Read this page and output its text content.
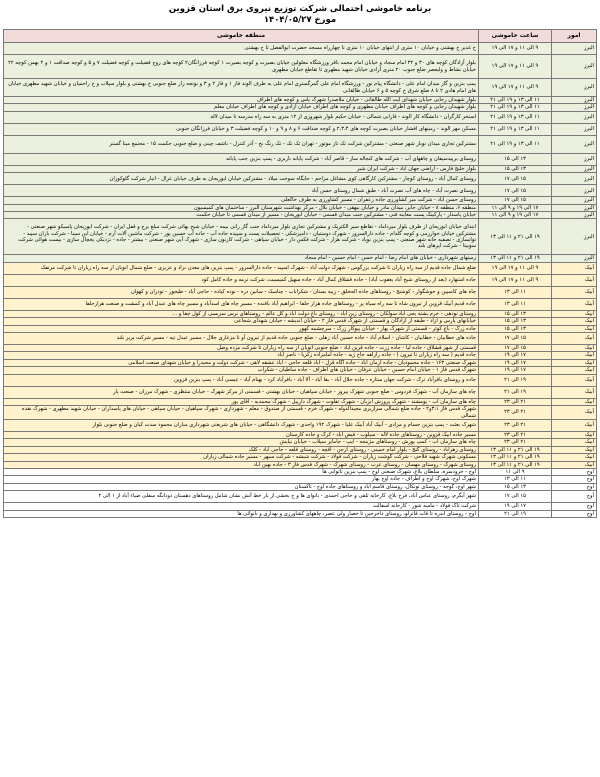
برنامه خاموشی احتمالی شرکت توزیع نیروی برق استان قزوین
مورخ ۱۴۰۴/۰۵/۲۷
امور	ساعت خاموشی	منطقه خاموشی
البرز	۹ الی ۱۱ و ۱۷ الی ۱۹	خ غدیر خ بهشتی و خیابان ۱۰ متری از انتهای خیابان ۱۰ متری تا چهارراه مسجد حضرت ابوالفضل تا خ بهشتی
البرز	۹ الی ۱۱ و ۱۷ الی ۱۹	بلوار آزادگان کوچه های ۳۰ و ۳۲ امام سجاد و خیابان امام محمد باقر ورزشگاه معلولین خیابان بصیرت و کوچه بصیرت ۱ کوچه فرزانگان۲ کوچه های زوج فضیلت و کوچه فضیلت ۷ و ۵ و کوچه صداقت ۱ و ۲ بهمن کوچه ۲۲ خیابان نشاط و ولیعصر ضلع جنوب ۲۰ متری آزادی خیابان شهید مطهری تا تقاطع خیابان مطهری
البرز	۹ الی ۱۱ و ۱۷ الی ۱۹	پمپ بنزین و گاز میدان امام علی - دانشگاه پیام نور - ورزشگاه امام علی گمرگستری امام علی به طرف الوند فاز ۱ و فاز ۲ و ۳ و بوتجه زار ضلع جنوبی خ بهشتی و بلوار سپلاب و خ راحمیان و خیابان شهید مطهری خیابان های امام هادی ۲ تا ۸ ضلع شرق خ کوچه ۵ و ۶ خیابان طالقانی
البرز	۱۱ الی ۱۳ و ۱۹ الی ۲۱	بلوار شهیدان رجایی خیابان شهدای آیت الله طالقانی - خیابان ملاصدرا شهرک یاس و کوچه های اطراف
البرز	۱۱ الی ۱۳ و ۱۹ الی ۲۱	بلوار شهیدان رجایی و کوچه های اطراف خیابان مطهری و کوچه های اطراف خیابان آزادی و کوچه های اطراف خیابان معلم
البرز	۱۱ الی ۱۳ و ۱۹ الی ۲۱	استخر کارگران - دانشگاه کار الوند - فارابی شمالی - خیابان حکیم بلوار شهروزی از ۱۲ متری به سه راه مدرسه تا میدان لاله
البرز	۱۱ الی ۱۳ و ۱۹ الی ۲۱	مسکن مهر الوند - زمینهای افشار خیابان بصیرت کوچه های ۲،۳،۴ و کوچه صداقت ۶ و ۸ و ۹ و ۱۰ و کوچه فضیلت ۳ و خیابان فرزانگان جنوبی
البرز	۱۱ الی ۱۳ و ۱۹ الی ۲۱	مشترکین تجاری میدان نوبار شهر صنعتی - مشترکین شرکت تک تاز موتور - تهران تک تک - تک رنگ نخ - آذر کنترل - ناشف چینی و ضلع جنوبی حکمت ۱۵ - مجتمع مینا گستر
البرز	۱۳ الی ۱۵	روستای برپیدسیفان و چاههای آب - شرکت های کنجاله ساز - قاصر آباد - شرکت پایانه باربری - پمپ بنزین جنب پایانه
البرز	۱۳ الی ۱۵	بلوار خلیج فارس - اراضی جهان آباد - شرکت ایران شیر
البرز	۱۵ الی ۱۷	روستای کمال آباد - روستای کوچار - مشترکین کارگاهی کوی مشاغل مزاحم - جایگاه سوخت میلاد - مشترکین خیابان ابوریحان به طرف خیابان غزال - انبار شرکت گلوکوزان
البرز	۱۵ الی ۱۷	روستای نصرت آباد - چاه های آب نصرت آباد - طبق شمال روستای حسن آباد
البرز	۱۵ الی ۱۷	روستای حسن آباد - شرکت میر کشاورزی جاده زعفران - مسیر کشاورزی به طرف خاکعلی
البرز	۱۷ الی ۱۹ و ۹ الی ۱۱	منطقه ۶، منطقه ۸ - خیابان جابر، میدان مادر و خیابان بیهقی - خیابان بلال - مرکز بهداشت شهرستان البرز - ساختمان های کمیسیون
البرز	۱۷ الی ۱۹ و ۹ الی ۱۱	خیابان پاسدار - پارکینگ پست معاینه فنی - مشترکین جنب میدان قسمی - خیابان ابوریحان - مسیر از میدان قسمی تا خیابان حکمت
البرز	۱۹ الی ۲۱ و ۱۱ الی ۱۳	ابتدای خیابان ابوریحان از طرف بلوار میرداماد - تقاطع سیر الکتریک و مشترکین تجاری بلوار میرداماد جنب گاز رانی بیمه - خیابان شیخ بهائی شرکت مبلغ برج و قفل ایران - شرکت ابوریحان پاسیکو شهر صنعتی - مشترکین خیابان خوارزمی و کوچه گلدام - جاده دارالسرور - شهرک دوستیان - دامپزشکی - تحصیلات پست و سپیده جاده آب - جاده آب حسین پور - شرکت ماشین آلات آرم - خیابان ابن سینا - شرکت باران سپید - توانسازی - تصفیه خانه شهر صنعتی - پمپ بنزین نوپاد - شرکت هزار - شرکت فکس دار - خیابان سپاهی - شرکت کارتون سازی - شهرک آبی شهر صنعتی - بیشتر - جاده - نزدیکی یخچال سازی - بیست هوائی شرکت سوبیتا - شرکت اپرهای بلند
البرز	۱۹ الی ۲۱ و ۱۱ الی ۱۳	زمینهای شهرداری - خیابان های امام رضا - امام حسن - امام حسین - امام سجاد
آبیک	۹ الی ۱۱ و ۱۷ الی ۱۹	ضلع شمال جاده قدیم از سه راه زیاران تا شرکت بزرگوس - شهرک دولت آباد - شهرک اسپید - جاده دارالسرور - پمپ بنزین های معدن نزاد و عزیزی - ضلع شمال اتوبان از سه راه زیاران تا شرکت مرتفک
آبیک	۹ الی ۱۱ و ۱۷ الی ۱۹	جاده اشتهارد (بعد از روستای شیخ آباد یعقوب آباد) - جاده قشلاق کمال آباد - جاده سهیل کمیسیت، شرکت ترمه و جاده کامل کود
آبیک	۱۱ الی ۱۳	چاه های کاسپین و خوشگوار - کوشنج - روستاهای جاده الجخلق - زیبه بستان - شکراباب - چناسک - سانین دره - نوده کیاده - حاجی آباد - طیجور - تودزان و کهوان
آبیک	۱۱ الی ۱۳	جاده قدیم آبیک قزوین از تیرون شاه تا سه راه سیاه پر - روستاهای جاده هزار جلفا - ابراهیم آباد بافنده - مسیر چاه های اسدآباد و مسیر چاه های عبدل آباد و کمشت و صنعت هزارجلفا
آبیک	۱۳ الی ۱۵	روستای نودهی - خرم بشته یحی آباد سولکان - روستای زین آباد - روستای باغ دولت آباد و کل عالم - روستاهای نرس سربسی از کول چقا و ...
آبیک	۱۳ الی ۱۵	خیابانهای پارس و آزاد - طبقه از آزادگان و قسمتی از شهرک قدس فاز ۲ - خیابان اندیشه - خیابان شهدای شجاعی
آبیک	۱۳ الی ۱۵	جاده زرک - باغ کوثر - قسمتی از شهرک بهار - خیابان پیوکار زرک - سرچشمه کهور
آبیک	۱۵ الی ۱۷	جاده های خطابیان - خطابیان - کاشان - اسلام آباد - جاده حسین آباد زهلی - ضلع جنوبی جاده قدیم از تیرون آو تا مزغاری جلال - مسیر عبدل تپه - مسیر شرکت پریر بلند
آبیک	۱۵ الی ۱۷	قسمتی از شهر قشلاق - جاده لیا - جاده زرت - جاده قرین آباد - ضلع جنوبی اتوبان از سه راه زیاران تا شرکت مزده وصل
آبیک	۱۷ الی ۱۹	جاده قدیم ( سه راه زیاران تا تیرون ) - جاده رازلقه حاج ژیه - جاده امامزاده زکریا - ناصر آباد
آبیک	۱۷ الی ۱۹	شهرک صنعتی ۱۶۳ - جاده محمودیان - جاده آرمان آباد - جاده آگاه قزل - آباد قلعه حاجی - آباد عشقه لاهی - شرکت دولت و محیدرا و خیابان شهدای صنعت اسلامی
آبیک	۱۷ الی ۱۹	شهرک قدس فاز ۱ - خیابان امام حسین - خیابان عرفان - خیابان های اطراف - جاده ساطیان - شکراب
آبیک	۱۹ الی ۲۱	جاده و روستای بافرآباد ترک - شرکت جهان ستاره - جاده حلال آباد - بقا آباد - آلا آباد - بافرآباد کرد - بهنام آباد - عیسی آباد - پمپ بنزین قزوین
آبیک	۱۹ الی ۲۱	چاه های سازمان آب - شهرک فردوس - ضلع جنوبی شهرک پیروز - خیابان سپاهیان - خیابان بهشتی - قسمتی از مرکز شهرک - خیابان منتظری - شهرک مرزان - صنعت یار
آبیک	۲۱ الی ۲۳	چاه های سازمان آب - پومشند - شهرک پرورش آبزیان - شهرک تفلوت - شهرک دارپیل - شهرک محمدیه - آقای پور
آبیک	۲۱ الی ۲۳	شهرک قدس فاز ۳،۱و۲ - جاده ضلع شمالی سرازیری مجیدالدوله - شهرک خرم - قسمتی از صندوق - معلم - شهرداری - شهرک سپاهیان - خیابان سپاهی - خیابان های پاسداران - خیابان شهید مطهری - شهرک نقده شمالی
آبیک	۲۱ الی ۲۳	شهرک بعثت - پمپ بنزین حسام و مرادی - آبیک آباد آبیک علیا - شهرک ۱۹۲ واحدی - شهرک دانشگاهی - خیابان های شریعتی شهرداری مباران محمود سدت کیان و ضلع جنوبی بلوار
آبیک	۲۱ الی ۲۳	مسیر جاده آبیک قزوین - روستاهای جاده لاله - سیلوب - فیض آباد - کرک و جاده کارستان
آبیک	۲۱ الی ۲۳	چاه های سازمان آب - کمپ پوزش - روستاهای مژینجه - ایپ - جامایر سپلاب - خیابان نیایش
آبیک	۱۹ الی ۲۱ و ۱۱ الی ۱۳	روستای زهرآباد - روستای گنج - بلوار امام خمینی - روستای ارجن - آقچه - روستای قلعه - حاجی آباد - کلک
آبیک	۱۹ الی ۲۱ و ۱۱ الی ۱۳	مسکونی شهرک شهید فلاحی - شرکت گوشت زیاران - شرکت فولاد - شرکت شیشه - شرکت سپهر - مسیر جاده شمالی زیاران
آبیک	۱۹ الی ۲۱ و ۱۱ الی ۱۳	روستای شهرک - روستای مهسان - روستای عرب - روستای شهرک - شهرک قدس فاز ۳ - جاده بهین آباد
آوج	۹ الی ۱۱	آوج - خرودسره، سلطان بلاغ، شهرک صنعتی آوج - پمپ بنزین ناتوانی ها
آوج	۱۱ الی ۱۳	شهرک آوج، شهرک آوج و اطراف - جاده آوج بهار
آوج	۱۳ الی ۱۵	شهر آوج، گوجه - روستای تونکال، روستای قاسم آباد و روستاهای جاده آوج - تاکستان
آوج	۱۵ الی ۱۷	شهر آبگرم، روستای عباس آباد، فرخ بلاغ، کارخانه تلقی و حاجی احمدی - نانوای ها و خ بخشی از بار خط آتش نشان شامل روستاهای دهستان دودانگه سفلی ضیاء آباد از ۱ الی ۲
آوج	۱۷ الی ۱۹	شرکت تاک فولاد - ماسه شور - کارخانه آسفالت
آوج	۱۹ الی ۲۱	آوج - روستای ابدره تا قات قاترلو، روستای داخرجین تا حصار ولی عصر، چاههای کشاورزی و بهداری و نانوائی ها
